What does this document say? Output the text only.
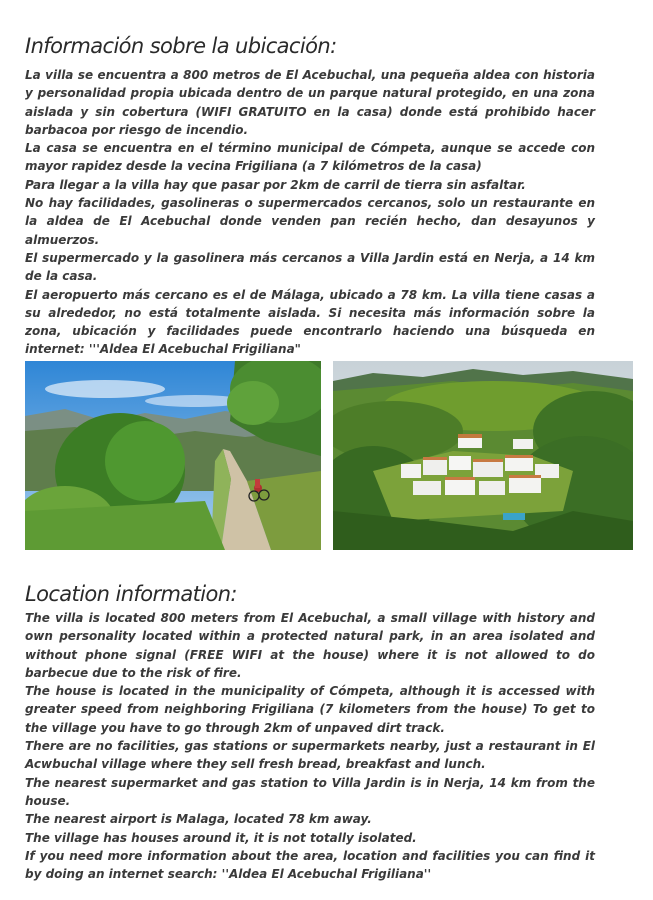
Información sobre la ubicación:

La villa se encuentra a 800 metros de El Acebuchal, una pequeña aldea con historia y personalidad propia ubicada dentro de un parque natural protegido, en una zona aislada y sin cobertura (WIFI GRATUITO en la casa) donde está prohibido hacer barbacoa por riesgo de incendio.

La casa se encuentra en el término municipal de Cómpeta, aunque se accede con mayor rapidez desde la vecina Frigiliana (a 7 kilómetros de la casa)

Para llegar a la villa hay que pasar por 2km de carril de tierra sin asfaltar.

No hay facilidades, gasolineras o supermercados cercanos, solo un restaurante en la aldea de El Acebuchal donde venden pan recién hecho, dan desayunos y almuerzos.

El supermercado y la gasolinera más cercanos a Villa Jardin está en Nerja, a 14 km de la casa.

El aeropuerto más cercano es el de Málaga, ubicado a 78 km. La villa tiene casas a su alrededor, no está totalmente aislada. Si necesita más información sobre la zona, ubicación y facilidades puede encontrarlo haciendo una búsqueda en internet: '''Aldea El Acebuchal Frigiliana"

Location information:

The villa is located 800 meters from El Acebuchal, a small village with history and own personality located within a protected natural park, in an area isolated and without phone signal (FREE WIFI at the house) where it is not allowed to do barbecue due to the risk of fire.

The house is located in the municipality of Cómpeta, although it is accessed with greater speed from neighboring Frigiliana (7 kilometers from the house) To get to the village you have to go through 2km of unpaved dirt track.

There are no facilities, gas stations or supermarkets nearby, just a restaurant in El Acwbuchal village where they sell fresh bread, breakfast and lunch.

The nearest supermarket and gas station to Villa Jardin is in Nerja, 14 km from the house.

The nearest airport is Malaga, located 78 km away.

The village has houses around it, it is not totally isolated.

If you need more information about the area, location and facilities you can find it by doing an internet search: ''Aldea El Acebuchal Frigiliana''
